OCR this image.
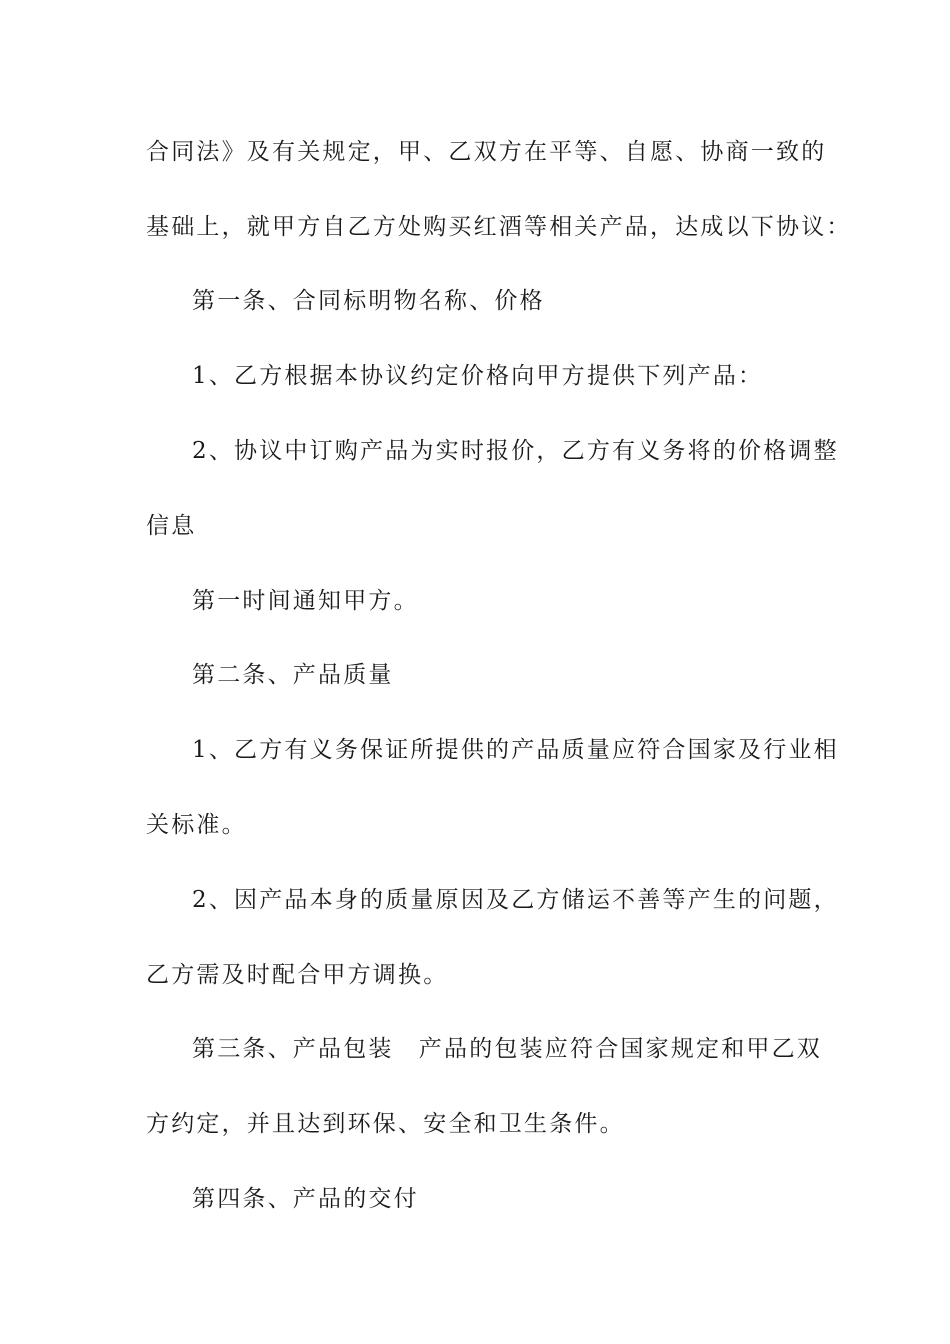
合同法》及有关规定，甲、乙双方在平等、自愿、协商一致的
基础上，就甲方自乙方处购买红酒等相关产品，达成以下协议：
第一条、合同标明物名称、价格
1、乙方根据本协议约定价格向甲方提供下列产品：
2、协议中订购产品为实时报价，乙方有义务将的价格调整
信息
第一时间通知甲方。
第二条、产品质量
1、乙方有义务保证所提供的产品质量应符合国家及行业相
关标准。
2、因产品本身的质量原因及乙方储运不善等产生的问题，
乙方需及时配合甲方调换。
第三条、产品包装　产品的包装应符合国家规定和甲乙双
方约定，并且达到环保、安全和卫生条件。
第四条、产品的交付
